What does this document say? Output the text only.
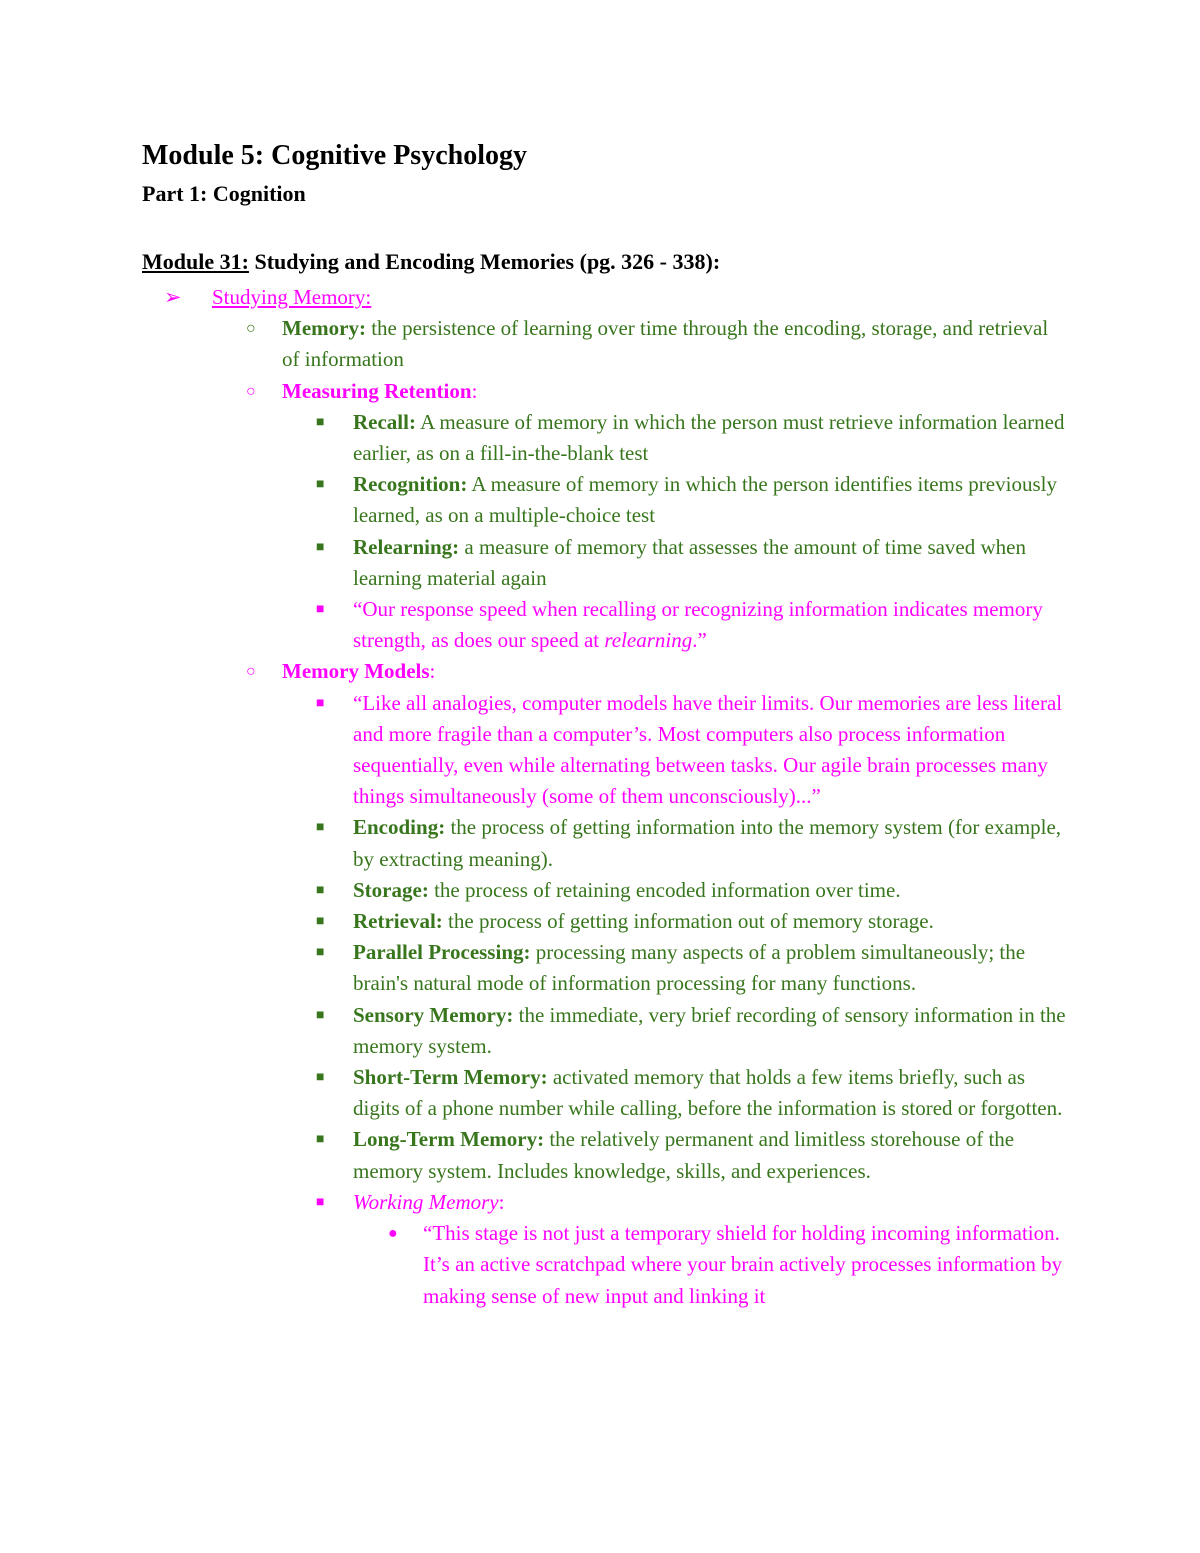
Module 5: Cognitive Psychology
Part 1: Cognition
Module 31: Studying and Encoding Memories (pg. 326 - 338):
➢ Studying Memory:
○ Memory: the persistence of learning over time through the encoding, storage, and retrieval of information
○ Measuring Retention:
■ Recall: A measure of memory in which the person must retrieve information learned earlier, as on a fill-in-the-blank test
■ Recognition: A measure of memory in which the person identifies items previously learned, as on a multiple-choice test
■ Relearning: a measure of memory that assesses the amount of time saved when learning material again
■ “Our response speed when recalling or recognizing information indicates memory strength, as does our speed at relearning.”
○ Memory Models:
■ “Like all analogies, computer models have their limits. Our memories are less literal and more fragile than a computer’s. Most computers also process information sequentially, even while alternating between tasks. Our agile brain processes many things simultaneously (some of them unconsciously)...”
■ Encoding: the process of getting information into the memory system (for example, by extracting meaning).
■ Storage: the process of retaining encoded information over time.
■ Retrieval: the process of getting information out of memory storage.
■ Parallel Processing: processing many aspects of a problem simultaneously; the brain's natural mode of information processing for many functions.
■ Sensory Memory: the immediate, very brief recording of sensory information in the memory system.
■ Short-Term Memory: activated memory that holds a few items briefly, such as digits of a phone number while calling, before the information is stored or forgotten.
■ Long-Term Memory: the relatively permanent and limitless storehouse of the memory system. Includes knowledge, skills, and experiences.
■ Working Memory:
● “This stage is not just a temporary shield for holding incoming information. It’s an active scratchpad where your brain actively processes information by making sense of new input and linking it
